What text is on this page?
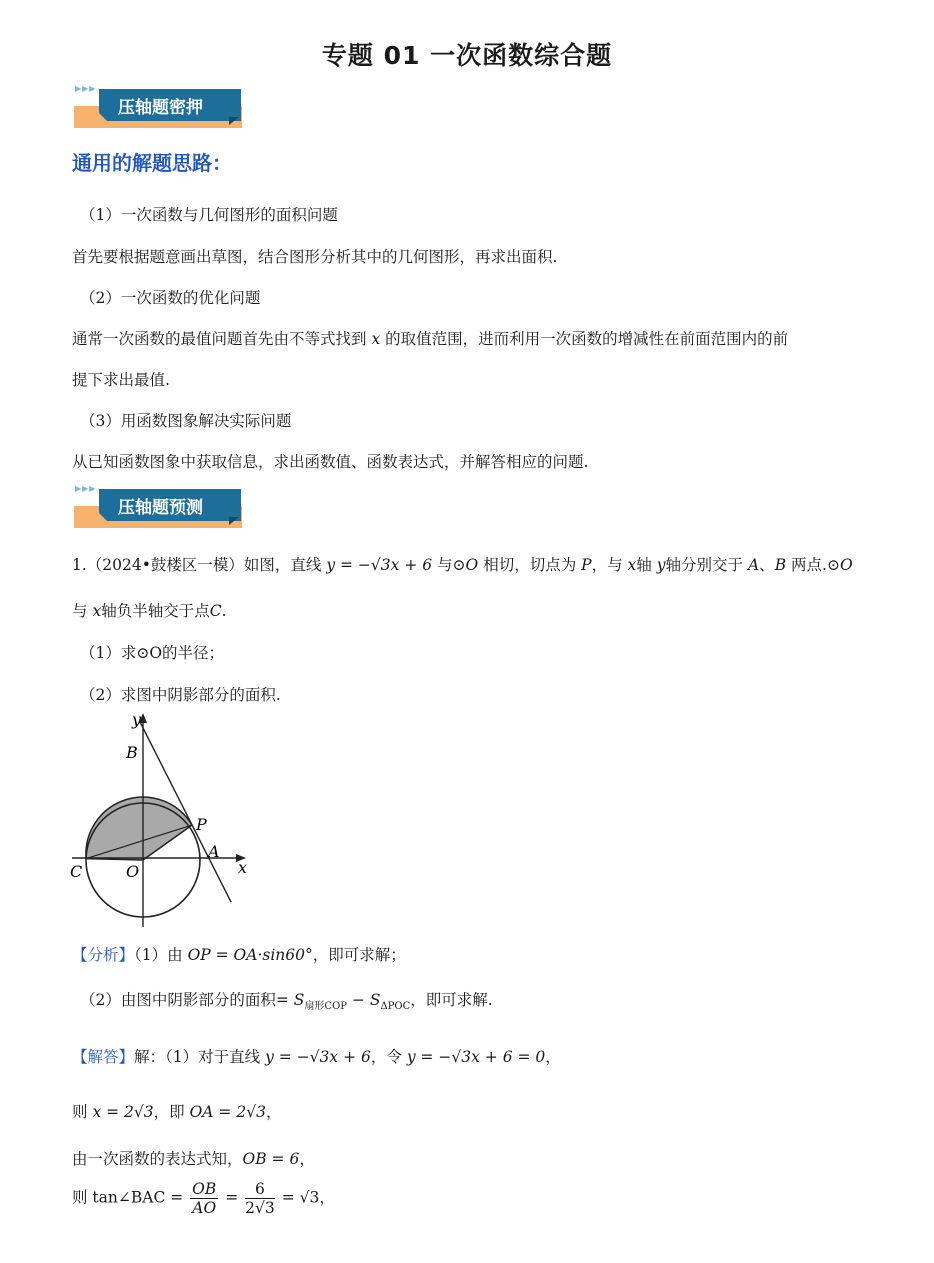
专题 01 一次函数综合题
▶▶▶
压轴题密押
通用的解题思路：
（1）一次函数与几何图形的面积问题
首先要根据题意画出草图，结合图形分析其中的几何图形，再求出面积.
（2）一次函数的优化问题
通常一次函数的最值问题首先由不等式找到 x 的取值范围，进而利用一次函数的增减性在前面范围内的前
提下求出最值.
（3）用函数图象解决实际问题
从已知函数图象中获取信息，求出函数值、函数表达式，并解答相应的问题.
▶▶▶
压轴题预测
1.（2024•鼓楼区一模）如图，直线 y = −√3x + 6 与⊙O 相切，切点为 P，与 x轴 y轴分别交于 A、B 两点.⊙O
与 x轴负半轴交于点C.
（1）求⊙O的半径；
（2）求图中阴影部分的面积.
y
x
B
P
A
C	O
【分析】（1）由 OP = OA·sin60°，即可求解；
（2）由图中阴影部分的面积= $S_{扇形COP} - S_{\Delta POC}$，即可求解.
【解答】解：（1）对于直线 y = −√3x + 6，令 y = −√3x + 6 = 0，
则 x = 2√3，即 OA = 2√3，
由一次函数的表达式知，OB = 6，
则 tan∠BAC = $\frac{OB}{AO} = \frac{6}{2√3} = √3$，
